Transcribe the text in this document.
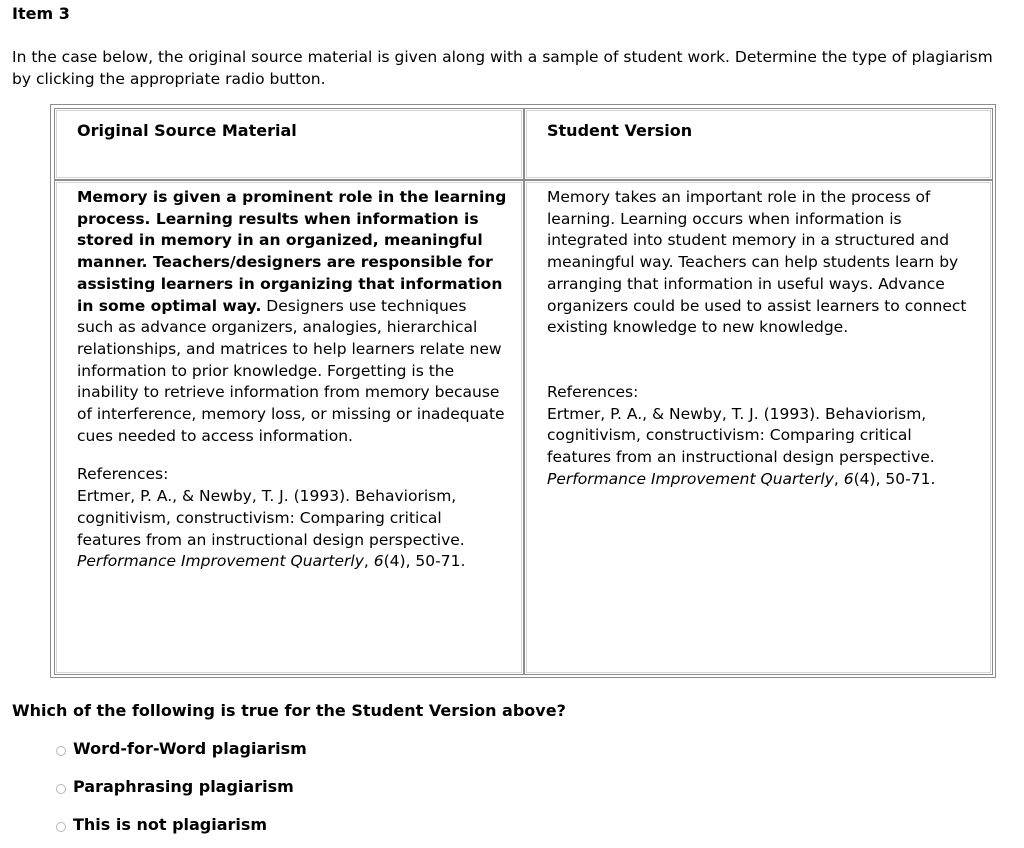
Item 3
In the case below, the original source material is given along with a sample of student work. Determine the type of plagiarism by clicking the appropriate radio button.
Original Source Material	Student Version

Memory is given a prominent role in the learning process. Learning results when information is stored in memory in an organized, meaningful manner. Teachers/designers are responsible for assisting learners in organizing that information in some optimal way. Designers use techniques such as advance organizers, analogies, hierarchical relationships, and matrices to help learners relate new information to prior knowledge. Forgetting is the inability to retrieve information from memory because of interference, memory loss, or missing or inadequate cues needed to access information.

References:

Ertmer, P. A., & Newby, T. J. (1993). Behaviorism, cognitivism, constructivism: Comparing critical features from an instructional design perspective. Performance Improvement Quarterly, 6(4), 50-71.

Memory takes an important role in the process of learning. Learning occurs when information is integrated into student memory in a structured and meaningful way. Teachers can help students learn by arranging that information in useful ways. Advance organizers could be used to assist learners to connect existing knowledge to new knowledge.

References:

Ertmer, P. A., & Newby, T. J. (1993). Behaviorism, cognitivism, constructivism: Comparing critical features from an instructional design perspective. Performance Improvement Quarterly, 6(4), 50-71.

Which of the following is true for the Student Version above?
Word-for-Word plagiarism
Paraphrasing plagiarism
This is not plagiarism
